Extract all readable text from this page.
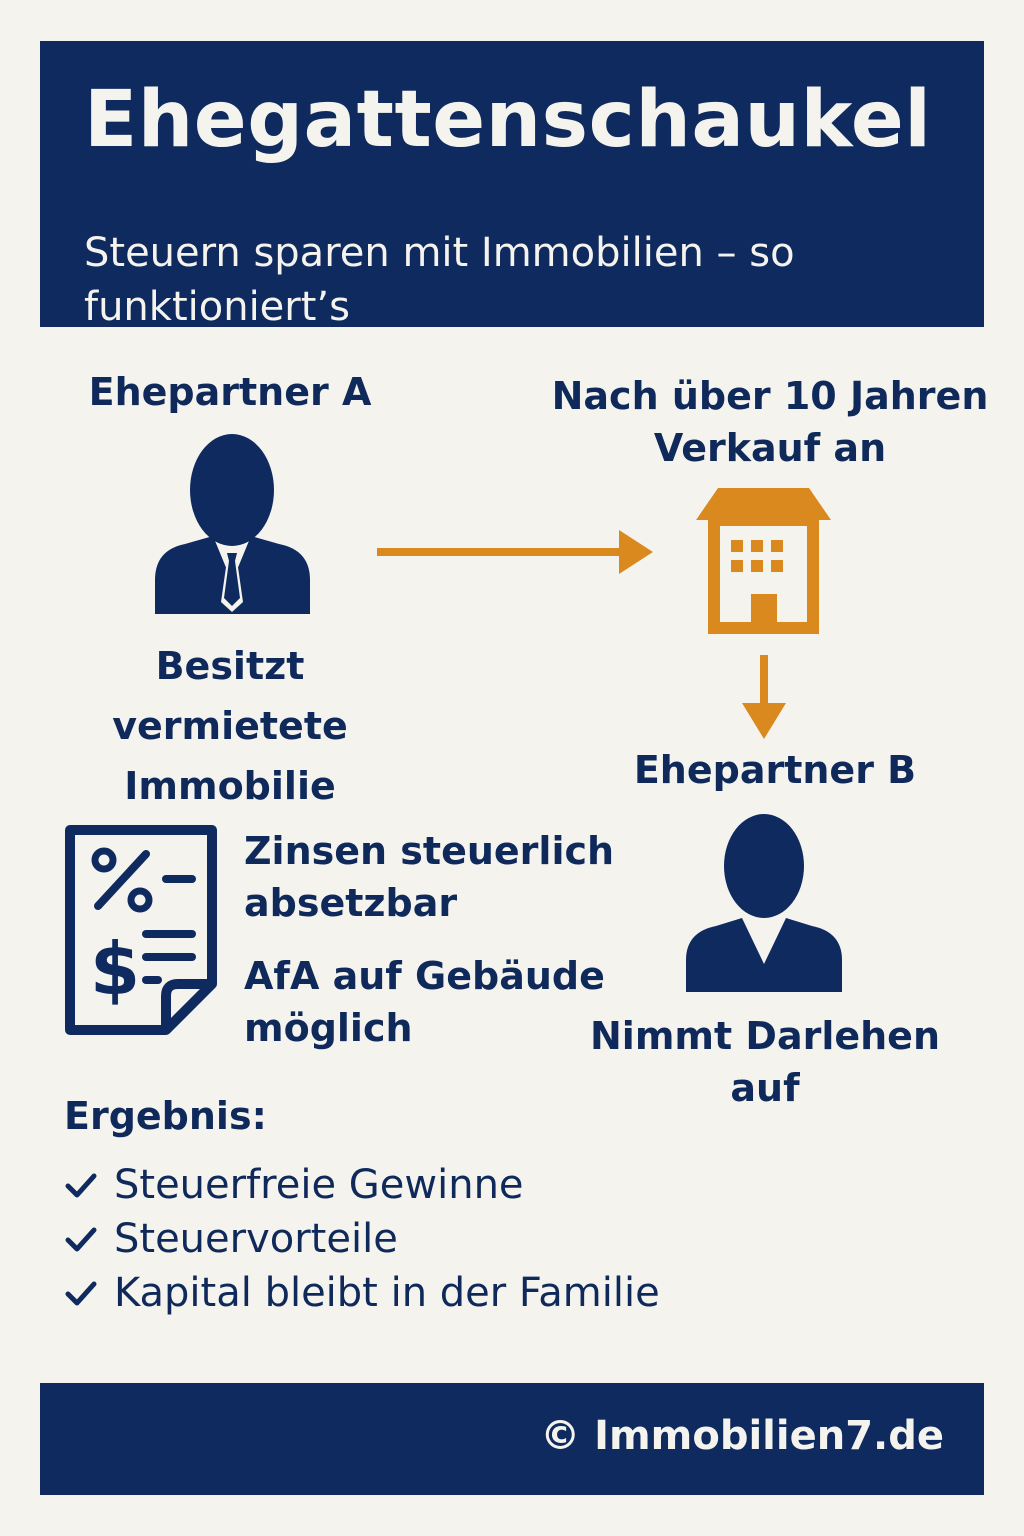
Ehegattenschaukel
Steuern sparen mit Immobilien – so funktioniert’s
Ehepartner A
Besitzt vermietete Immobilie
Nach über 10 Jahren Verkauf an
Ehepartner B
Nimmt Darlehen auf
$
Zinsen steuerlich absetzbar
AfA auf Gebäude möglich
Ergebnis:
Steuerfreie Gewinne
Steuervorteile
Kapital bleibt in der Familie
© Immobilien7.de
